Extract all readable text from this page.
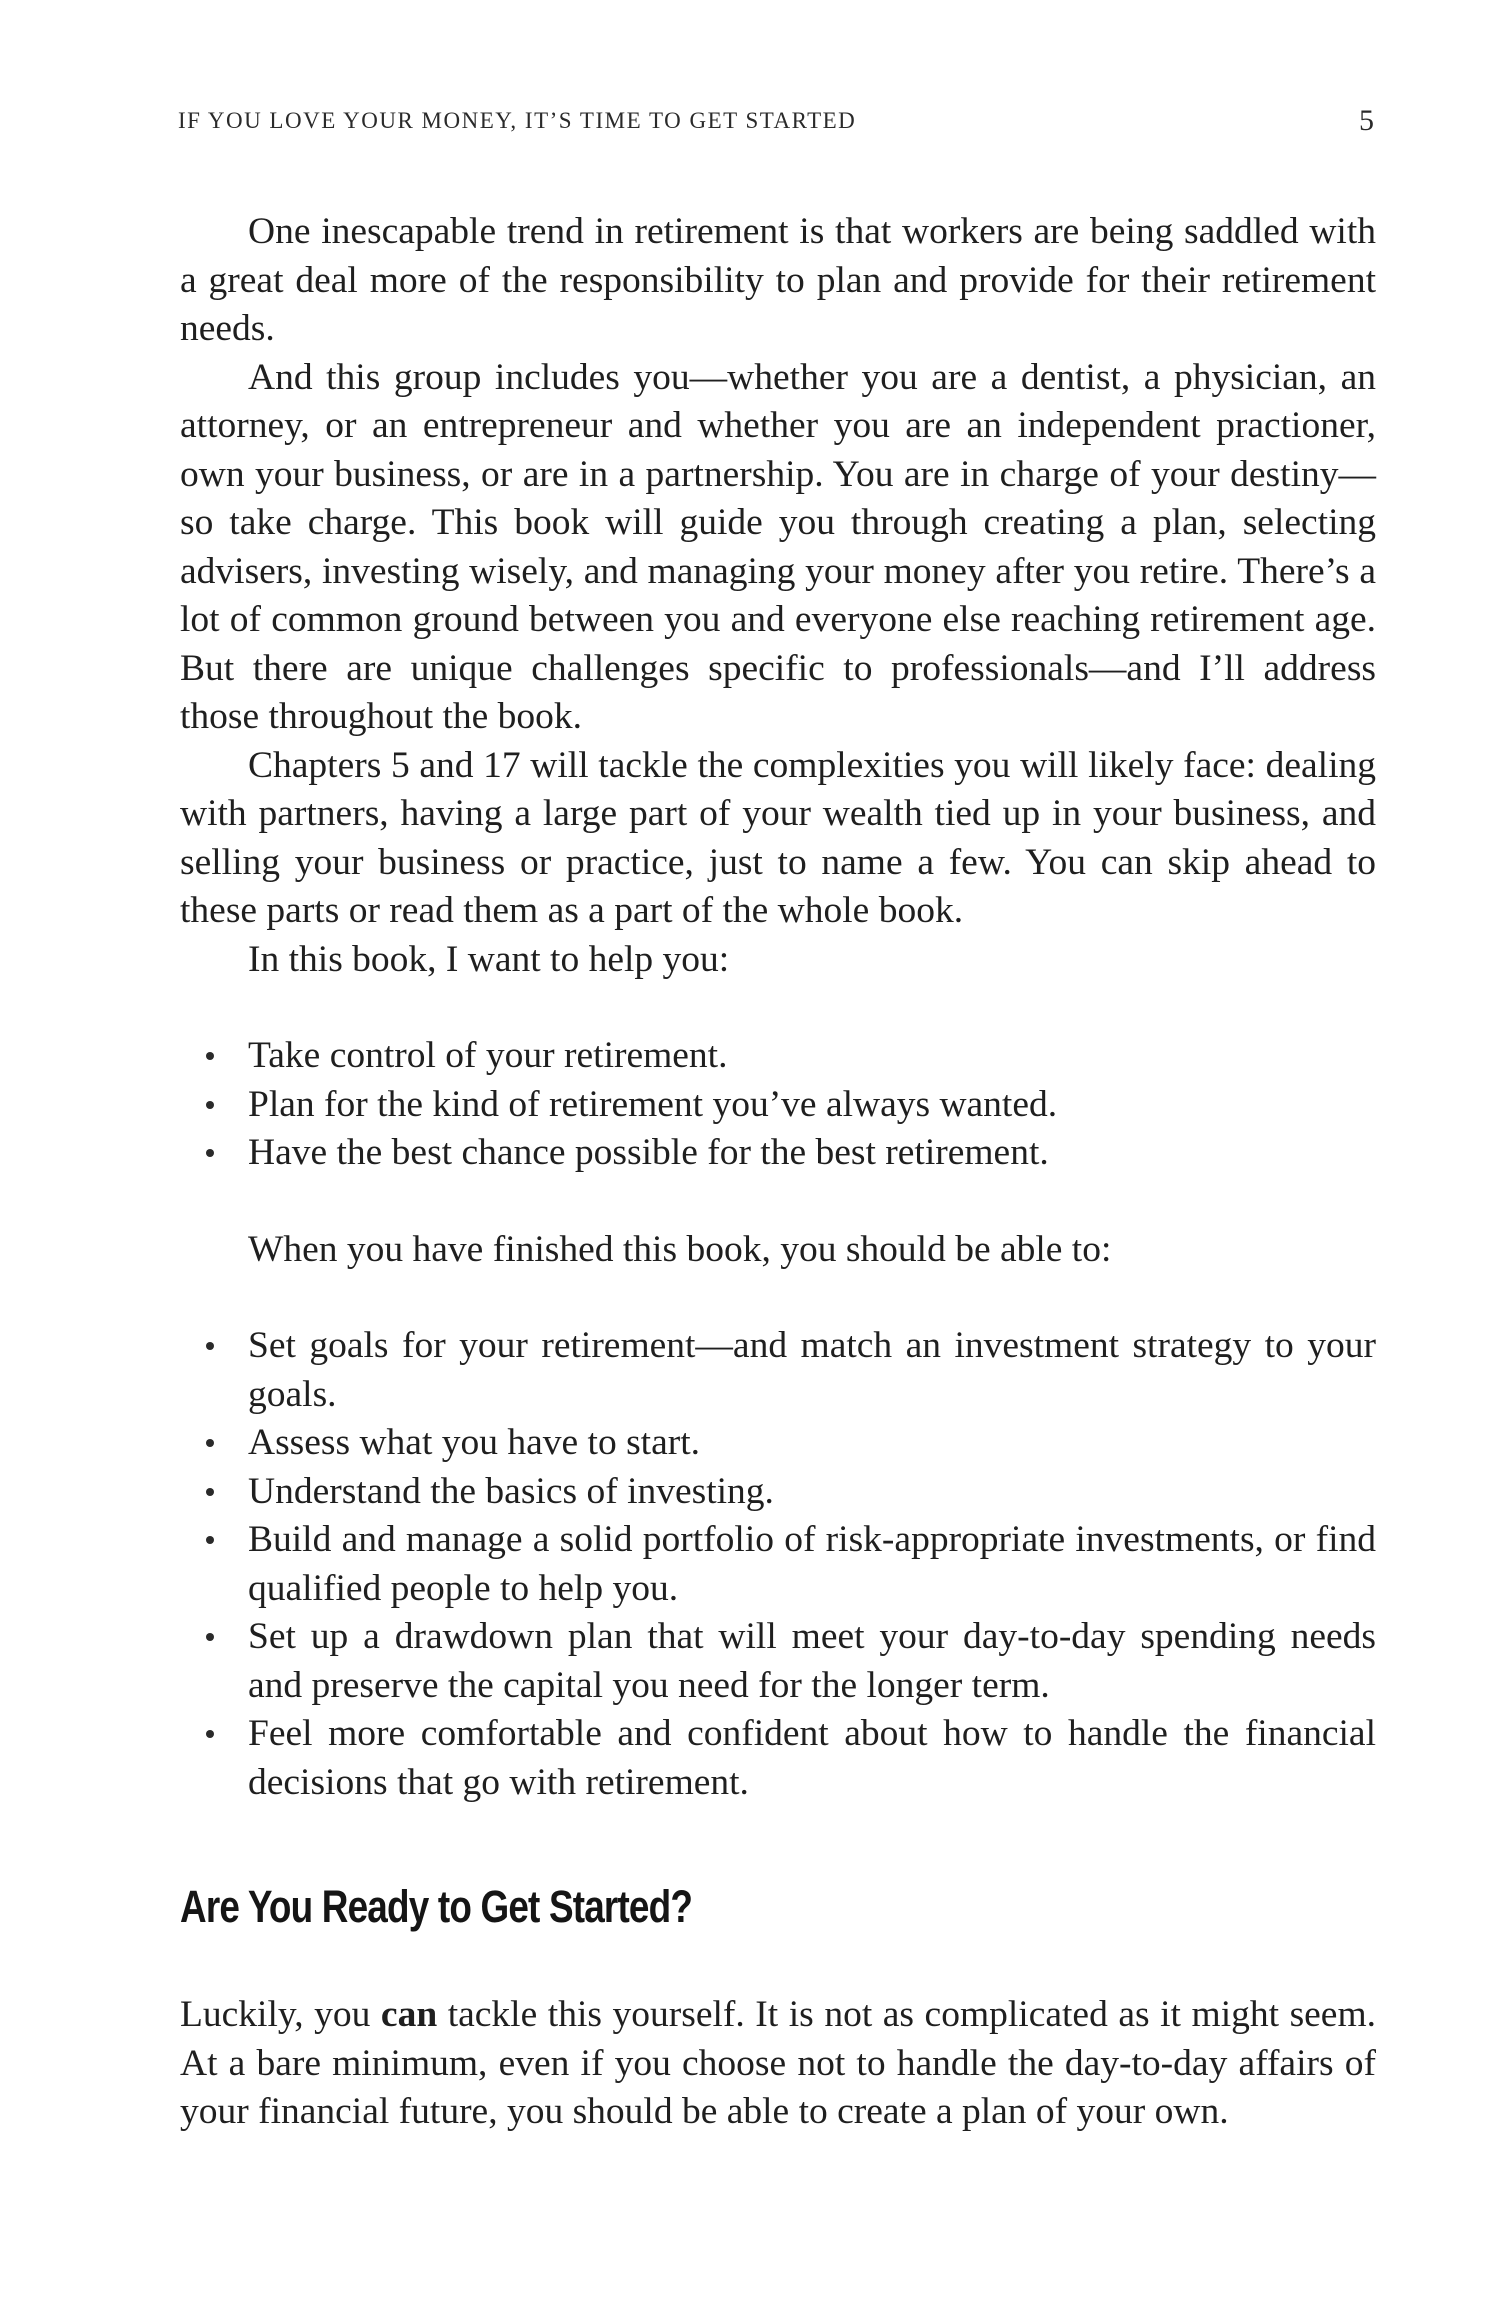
IF YOU LOVE YOUR MONEY, IT’S TIME TO GET STARTED	5

One inescapable trend in retirement is that workers are being saddled with a great deal more of the responsibility to plan and provide for their retirement needs.

And this group includes you—whether you are a dentist, a physician, an attorney, or an entrepreneur and whether you are an independent practioner, own your business, or are in a partnership. You are in charge of your destiny—so take charge. This book will guide you through creating a plan, selecting advisers, investing wisely, and managing your money after you retire. There’s a lot of common ground between you and everyone else reaching retirement age. But there are unique challenges specific to professionals—and I’ll address those throughout the book.

Chapters 5 and 17 will tackle the complexities you will likely face: dealing with partners, having a large part of your wealth tied up in your business, and selling your business or practice, just to name a few. You can skip ahead to these parts or read them as a part of the whole book.

In this book, I want to help you:

Take control of your retirement.
Plan for the kind of retirement you’ve always wanted.
Have the best chance possible for the best retirement.

When you have finished this book, you should be able to:

Set goals for your retirement—and match an investment strategy to your goals.
Assess what you have to start.
Understand the basics of investing.
Build and manage a solid portfolio of risk-appropriate investments, or find qualified people to help you.
Set up a drawdown plan that will meet your day-to-day spending needs and preserve the capital you need for the longer term.
Feel more comfortable and confident about how to handle the financial decisions that go with retirement.
Are You Ready to Get Started?

Luckily, you can tackle this yourself. It is not as complicated as it might seem. At a bare minimum, even if you choose not to handle the day-to-day affairs of your financial future, you should be able to create a plan of your own.
